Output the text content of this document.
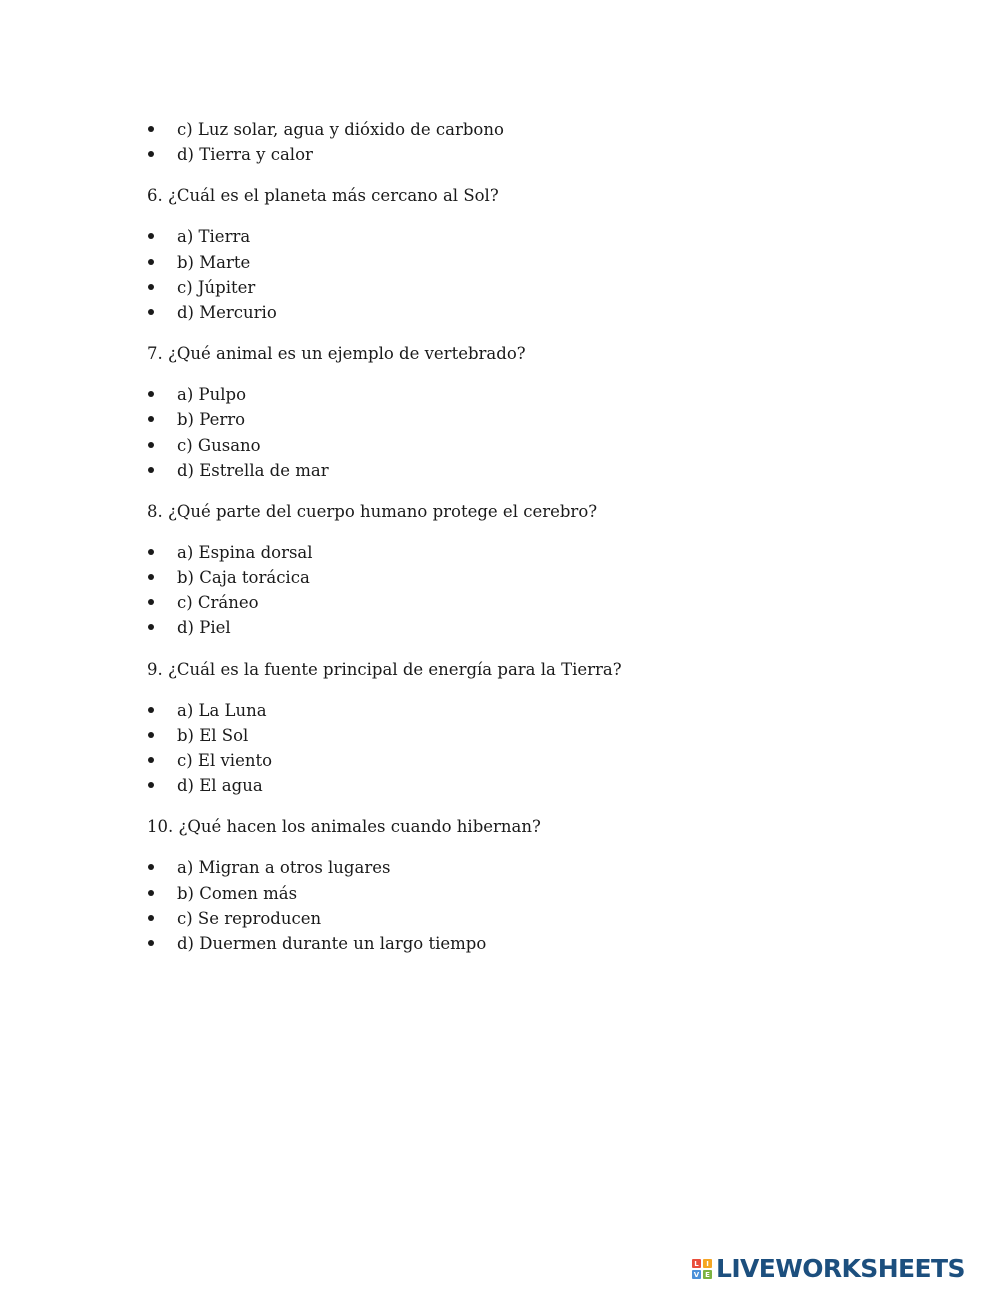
c) Luz solar, agua y dióxido de carbono
d) Tierra y calor
6. ¿Cuál es el planeta más cercano al Sol?
a) Tierra
b) Marte
c) Júpiter
d) Mercurio
7. ¿Qué animal es un ejemplo de vertebrado?
a) Pulpo
b) Perro
c) Gusano
d) Estrella de mar
8. ¿Qué parte del cuerpo humano protege el cerebro?
a) Espina dorsal
b) Caja torácica
c) Cráneo
d) Piel
9. ¿Cuál es la fuente principal de energía para la Tierra?
a) La Luna
b) El Sol
c) El viento
d) El agua
10. ¿Qué hacen los animales cuando hibernan?
a) Migran a otros lugares
b) Comen más
c) Se reproducen
d) Duermen durante un largo tiempo
L	I
V E LIVEWORKSHEETS
